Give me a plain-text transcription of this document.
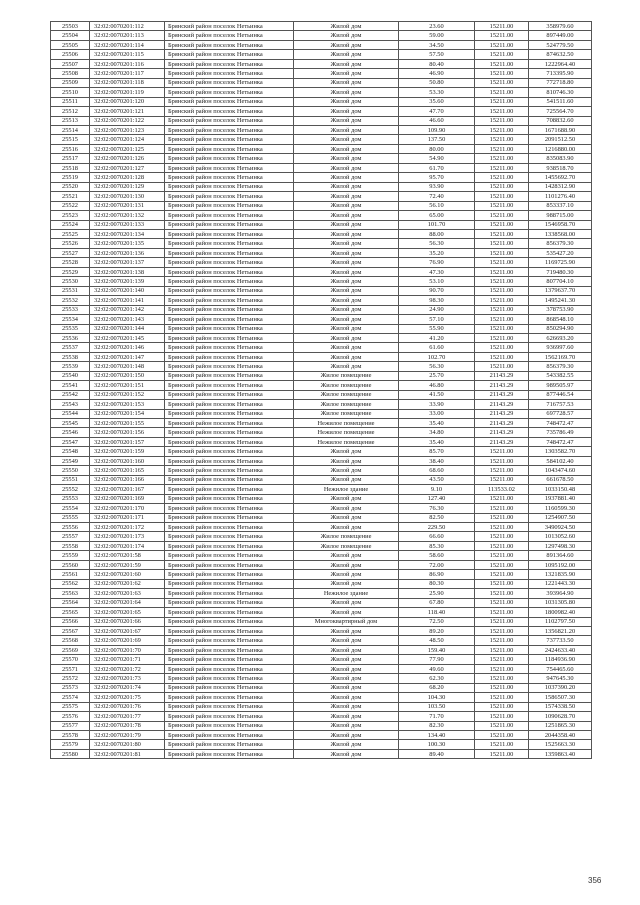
25503	32:02:0070201:112	Брянский район поселок Нетьинка	Жилой дом	23.60	15211.00	358979.60
25504	32:02:0070201:113	Брянский район поселок Нетьинка	Жилой дом	59.00	15211.00	897449.00
25505	32:02:0070201:114	Брянский район поселок Нетьинка	Жилой дом	34.50	15211.00	524779.50
25506	32:02:0070201:115	Брянский район поселок Нетьинка	Жилой дом	57.50	15211.00	874632.50
25507	32:02:0070201:116	Брянский район поселок Нетьинка	Жилой дом	80.40	15211.00	1222964.40
25508	32:02:0070201:117	Брянский район поселок Нетьинка	Жилой дом	46.90	15211.00	713395.90
25509	32:02:0070201:118	Брянский район поселок Нетьинка	Жилой дом	50.80	15211.00	772718.80
25510	32:02:0070201:119	Брянский район поселок Нетьинка	Жилой дом	53.30	15211.00	810746.30
25511	32:02:0070201:120	Брянский район поселок Нетьинка	Жилой дом	35.60	15211.00	541511.60
25512	32:02:0070201:121	Брянский район поселок Нетьинка	Жилой дом	47.70	15211.00	725564.70
25513	32:02:0070201:122	Брянский район поселок Нетьинка	Жилой дом	46.60	15211.00	708832.60
25514	32:02:0070201:123	Брянский район поселок Нетьинка	Жилой дом	109.90	15211.00	1671688.90
25515	32:02:0070201:124	Брянский район поселок Нетьинка	Жилой дом	137.50	15211.00	2091512.50
25516	32:02:0070201:125	Брянский район поселок Нетьинка	Жилой дом	80.00	15211.00	1216880.00
25517	32:02:0070201:126	Брянский район поселок Нетьинка	Жилой дом	54.90	15211.00	835083.90
25518	32:02:0070201:127	Брянский район поселок Нетьинка	Жилой дом	61.70	15211.00	938518.70
25519	32:02:0070201:128	Брянский район поселок Нетьинка	Жилой дом	95.70	15211.00	1455692.70
25520	32:02:0070201:129	Брянский район поселок Нетьинка	Жилой дом	93.90	15211.00	1428312.90
25521	32:02:0070201:130	Брянский район поселок Нетьинка	Жилой дом	72.40	15211.00	1101276.40
25522	32:02:0070201:131	Брянский район поселок Нетьинка	Жилой дом	56.10	15211.00	853337.10
25523	32:02:0070201:132	Брянский район поселок Нетьинка	Жилой дом	65.00	15211.00	988715.00
25524	32:02:0070201:133	Брянский район поселок Нетьинка	Жилой дом	101.70	15211.00	1546958.70
25525	32:02:0070201:134	Брянский район поселок Нетьинка	Жилой дом	88.00	15211.00	1338568.00
25526	32:02:0070201:135	Брянский район поселок Нетьинка	Жилой дом	56.30	15211.00	856379.30
25527	32:02:0070201:136	Брянский район поселок Нетьинка	Жилой дом	35.20	15211.00	535427.20
25528	32:02:0070201:137	Брянский район поселок Нетьинка	Жилой дом	76.90	15211.00	1169725.90
25529	32:02:0070201:138	Брянский район поселок Нетьинка	Жилой дом	47.30	15211.00	719480.30
25530	32:02:0070201:139	Брянский район поселок Нетьинка	Жилой дом	53.10	15211.00	807704.10
25531	32:02:0070201:140	Брянский район поселок Нетьинка	Жилой дом	90.70	15211.00	1379637.70
25532	32:02:0070201:141	Брянский район поселок Нетьинка	Жилой дом	98.30	15211.00	1495241.30
25533	32:02:0070201:142	Брянский район поселок Нетьинка	Жилой дом	24.90	15211.00	378753.90
25534	32:02:0070201:143	Брянский район поселок Нетьинка	Жилой дом	57.10	15211.00	868548.10
25535	32:02:0070201:144	Брянский район поселок Нетьинка	Жилой дом	55.90	15211.00	850294.90
25536	32:02:0070201:145	Брянский район поселок Нетьинка	Жилой дом	41.20	15211.00	626693.20
25537	32:02:0070201:146	Брянский район поселок Нетьинка	Жилой дом	61.60	15211.00	936997.60
25538	32:02:0070201:147	Брянский район поселок Нетьинка	Жилой дом	102.70	15211.00	1562169.70
25539	32:02:0070201:148	Брянский район поселок Нетьинка	Жилой дом	56.30	15211.00	856379.30
25540	32:02:0070201:150	Брянский район поселок Нетьинка	Жилое помещение	25.70	21143.29	543382.55
25541	32:02:0070201:151	Брянский район поселок Нетьинка	Жилое помещение	46.80	21143.29	989505.97
25542	32:02:0070201:152	Брянский район поселок Нетьинка	Жилое помещение	41.50	21143.29	877446.54
25543	32:02:0070201:153	Брянский район поселок Нетьинка	Жилое помещение	33.90	21143.29	716757.53
25544	32:02:0070201:154	Брянский район поселок Нетьинка	Жилое помещение	33.00	21143.29	697728.57
25545	32:02:0070201:155	Брянский район поселок Нетьинка	Нежилое помещение	35.40	21143.29	748472.47
25546	32:02:0070201:156	Брянский район поселок Нетьинка	Нежилое помещение	34.80	21143.29	735786.49
25547	32:02:0070201:157	Брянский район поселок Нетьинка	Нежилое помещение	35.40	21143.29	748472.47
25548	32:02:0070201:159	Брянский район поселок Нетьинка	Жилой дом	85.70	15211.00	1303582.70
25549	32:02:0070201:160	Брянский район поселок Нетьинка	Жилой дом	38.40	15211.00	584102.40
25550	32:02:0070201:165	Брянский район поселок Нетьинка	Жилой дом	68.60	15211.00	1043474.60
25551	32:02:0070201:166	Брянский район поселок Нетьинка	Жилой дом	43.50	15211.00	661678.50
25552	32:02:0070201:167	Брянский район поселок Нетьинка	Нежилое здание	9.10	113533.02	1033150.48
25553	32:02:0070201:169	Брянский район поселок Нетьинка	Жилой дом	127.40	15211.00	1937881.40
25554	32:02:0070201:170	Брянский район поселок Нетьинка	Жилой дом	76.30	15211.00	1160599.30
25555	32:02:0070201:171	Брянский район поселок Нетьинка	Жилой дом	82.50	15211.00	1254907.50
25556	32:02:0070201:172	Брянский район поселок Нетьинка	Жилой дом	229.50	15211.00	3490924.50
25557	32:02:0070201:173	Брянский район поселок Нетьинка	Жилое помещение	66.60	15211.00	1013052.60
25558	32:02:0070201:174	Брянский район поселок Нетьинка	Жилое помещение	85.30	15211.00	1297498.30
25559	32:02:0070201:58	Брянский район поселок Нетьинка	Жилой дом	58.60	15211.00	891364.60
25560	32:02:0070201:59	Брянский район поселок Нетьинка	Жилой дом	72.00	15211.00	1095192.00
25561	32:02:0070201:60	Брянский район поселок Нетьинка	Жилой дом	86.90	15211.00	1321835.90
25562	32:02:0070201:62	Брянский район поселок Нетьинка	Жилой дом	80.30	15211.00	1221443.30
25563	32:02:0070201:63	Брянский район поселок Нетьинка	Нежилое здание	25.90	15211.00	393964.90
25564	32:02:0070201:64	Брянский район поселок Нетьинка	Жилой дом	67.80	15211.00	1031305.80
25565	32:02:0070201:65	Брянский район поселок Нетьинка	Жилой дом	118.40	15211.00	1800982.40
25566	32:02:0070201:66	Брянский район поселок Нетьинка	Многоквартирный дом	72.50	15211.00	1102797.50
25567	32:02:0070201:67	Брянский район поселок Нетьинка	Жилой дом	89.20	15211.00	1356821.20
25568	32:02:0070201:69	Брянский район поселок Нетьинка	Жилой дом	48.50	15211.00	737733.50
25569	32:02:0070201:70	Брянский район поселок Нетьинка	Жилой дом	159.40	15211.00	2424633.40
25570	32:02:0070201:71	Брянский район поселок Нетьинка	Жилой дом	77.90	15211.00	1184936.90
25571	32:02:0070201:72	Брянский район поселок Нетьинка	Жилой дом	49.60	15211.00	754465.60
25572	32:02:0070201:73	Брянский район поселок Нетьинка	Жилой дом	62.30	15211.00	947645.30
25573	32:02:0070201:74	Брянский район поселок Нетьинка	Жилой дом	68.20	15211.00	1037390.20
25574	32:02:0070201:75	Брянский район поселок Нетьинка	Жилой дом	104.30	15211.00	1586507.30
25575	32:02:0070201:76	Брянский район поселок Нетьинка	Жилой дом	103.50	15211.00	1574338.50
25576	32:02:0070201:77	Брянский район поселок Нетьинка	Жилой дом	71.70	15211.00	1090628.70
25577	32:02:0070201:78	Брянский район поселок Нетьинка	Жилой дом	82.30	15211.00	1251865.30
25578	32:02:0070201:79	Брянский район поселок Нетьинка	Жилой дом	134.40	15211.00	2044358.40
25579	32:02:0070201:80	Брянский район поселок Нетьинка	Жилой дом	100.30	15211.00	1525663.30
25580	32:02:0070201:81	Брянский район поселок Нетьинка	Жилой дом	89.40	15211.00	1359863.40
356
